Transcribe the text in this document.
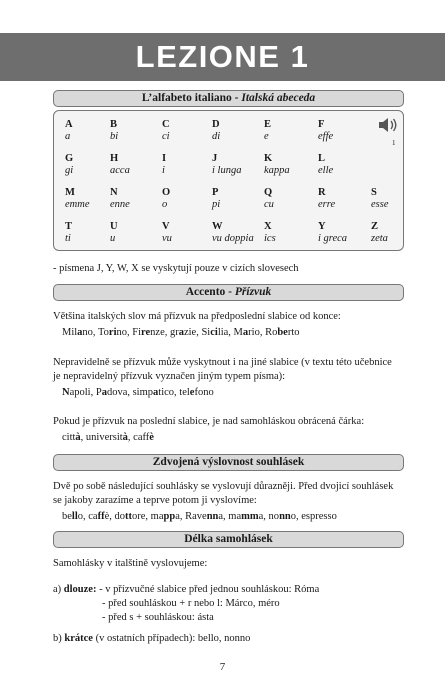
LEZIONE 1
L’alfabeto italiano - Italská abeceda
1
A
a
B
bi
C
ci
D
di
E
e
F
effe
G
gi
H
acca
I
i
J
i lunga
K
kappa
L
elle
M
emme
N
enne
O
o
P
pi
Q
cu
R
erre
S
esse
T
ti
U
u
V
vu
W
vu doppia
X
ics
Y
i greca
Z
zeta
- písmena J, Y, W, X se vyskytují pouze v cizích slovesech
Accento - Přízvuk
Většina italských slov má přízvuk na předposlední slabice od konce:
Milano, Torino, Firenze, grazie, Sicilia, Mario, Roberto
Nepravidelně se přízvuk může vyskytnout i na jiné slabice (v textu této učebnice
je nepravidelný přízvuk vyznačen jiným typem písma):
Napoli, Padova, simpatico, telefono
Pokud je přízvuk na poslední slabice, je nad samohláskou obrácená čárka:
città, università, caffè
Zdvojená výslovnost souhlásek
Dvě po sobě následující souhlásky se vyslovují důrazněji. Před dvojicí souhlásek
se jakoby zarazíme a teprve potom ji vyslovíme:
bello, caffè, dottore, mappa, Ravenna, mamma, nonno, espresso
Délka samohlásek
Samohlásky v italštině vyslovujeme:
a) dlouze: - v přízvučné slabice před jednou souhláskou: Róma
- před souhláskou + r nebo l: Márco, méro
- před s + souhláskou: ásta
b) krátce (v ostatních případech): bello, nonno
7
